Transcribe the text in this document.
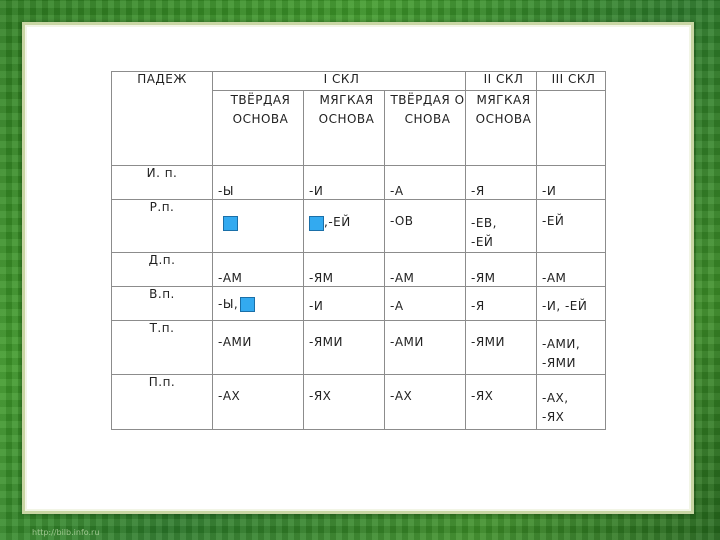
ПАДЕЖ	I СКЛ			II СКЛ	III СКЛ
	ТВЁРДАЯ ОСНОВА	МЯГКАЯ ОСНОВА	ТВЁРДАЯ ОСНОВА	МЯГКАЯ ОСНОВА	
И. п.	-Ы	-И	-А	-Я	-И
Р.п.		,-ЕЙ	-ОВ	-ЕВ, -ЕЙ	-ЕЙ
Д.п.	-АМ	-ЯМ	-АМ	-ЯМ	-АМ
В.п.	-Ы,	-И	-А	-Я	-И, -ЕЙ
Т.п.	-АМИ	-ЯМИ	-АМИ	-ЯМИ	-АМИ, -ЯМИ

П.п.	-АХ	-ЯХ	-АХ	-ЯХ	-АХ, -ЯХ
http://bilb.info.ru
